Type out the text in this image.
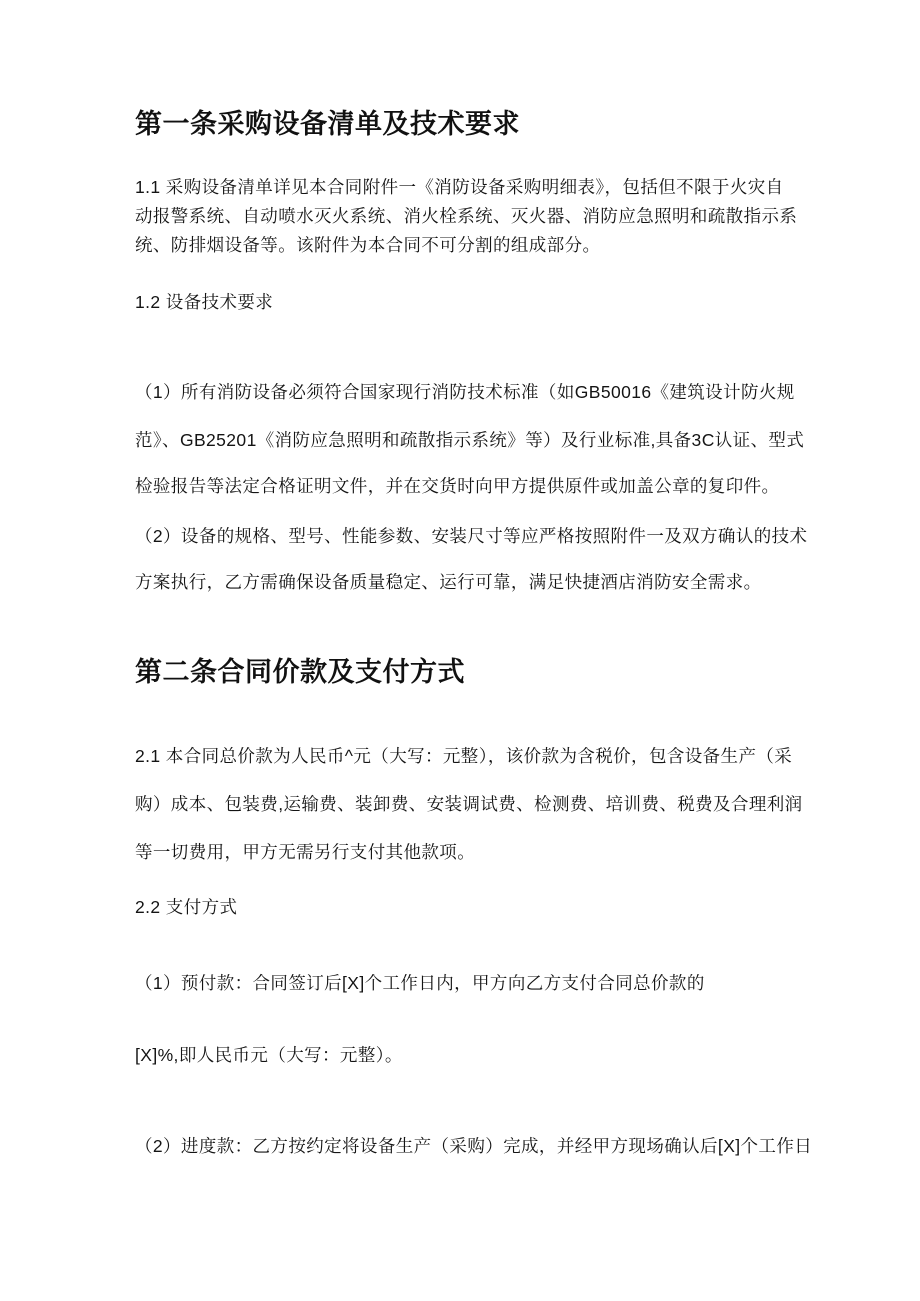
第一条采购设备清单及技术要求
1.1 采购设备清单详见本合同附件一《消防设备采购明细表》，包括但不限于火灾自
动报警系统、自动喷水灭火系统、消火栓系统、灭火器、消防应急照明和疏散指示系
统、防排烟设备等。该附件为本合同不可分割的组成部分。
1.2 设备技术要求
（1）所有消防设备必须符合国家现行消防技术标准（如GB50016《建筑设计防火规
范》、GB25201《消防应急照明和疏散指示系统》等）及行业标准,具备3C认证、型式
检验报告等法定合格证明文件，并在交货时向甲方提供原件或加盖公章的复印件。
（2）设备的规格、型号、性能参数、安装尺寸等应严格按照附件一及双方确认的技术
方案执行，乙方需确保设备质量稳定、运行可靠，满足快捷酒店消防安全需求。
第二条合同价款及支付方式
2.1 本合同总价款为人民币^元（大写：元整），该价款为含税价，包含设备生产（采
购）成本、包装费,运输费、装卸费、安装调试费、检测费、培训费、税费及合理利润
等一切费用，甲方无需另行支付其他款项。
2.2 支付方式
（1）预付款：合同签订后[X]个工作日内，甲方向乙方支付合同总价款的
[X]%,即人民币元（大写：元整）。
（2）进度款：乙方按约定将设备生产（采购）完成，并经甲方现场确认后[X]个工作日
